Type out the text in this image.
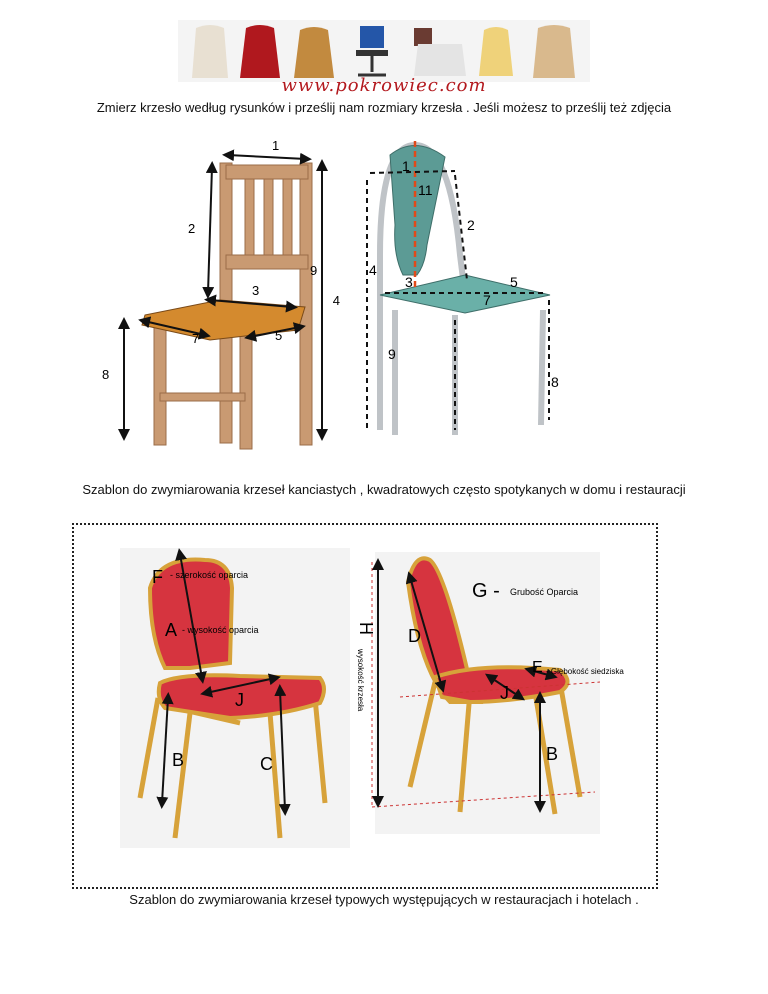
www.pokrowiec.com
Zmierz krzesło według rysunków i prześlij nam rozmiary krzesła . Jeśli możesz to prześlij też zdjęcia
1
2
3
4
5
7
8
9
1
11
2
3
4
5
7
8
9
Szablon do zwymiarowania krzeseł kanciastych , kwadratowych często spotykanych w domu i restauracji
F - szerokość oparcia
A - wysokość oparcia
J
B	C
H
wysokość krzesła
G - Grubość Oparcia
D
E - Głębokość siedziska
J
B
Szablon do zwymiarowania krzeseł typowych występujących w restauracjach i hotelach .
